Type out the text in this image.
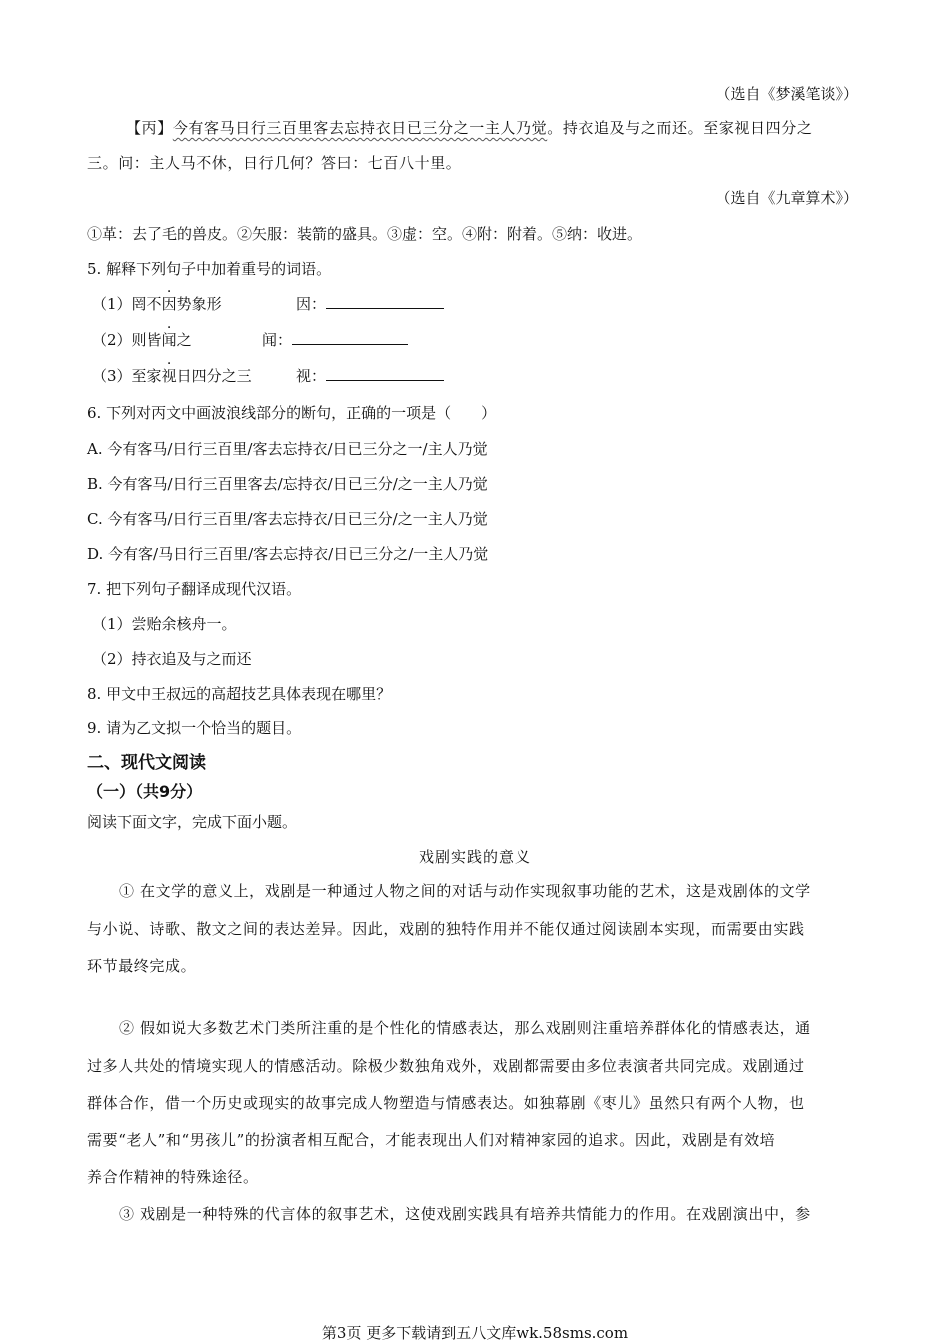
（选自《梦溪笔谈》）
【丙】今有客马日行三百里客去忘持衣日已三分之一主人乃觉。持衣追及与之而还。至家视日四分之
三。问：主人马不休，日行几何？答曰：七百八十里。
（选自《九章算术》）
①革：去了毛的兽皮。②矢服：装箭的盛具。③虚：空。④附：附着。⑤纳：收进。
5. 解释下列句子中加着重号的词语。
（1）罔不因势象形	因：
（2）则皆闻之	闻：
（3）至家视日四分之三	视：
6. 下列对丙文中画波浪线部分的断句，正确的一项是（　　）
A. 今有客马/日行三百里/客去忘持衣/日已三分之一/主人乃觉
B. 今有客马/日行三百里客去/忘持衣/日已三分/之一主人乃觉
C. 今有客马/日行三百里/客去忘持衣/日已三分/之一主人乃觉
D. 今有客/马日行三百里/客去忘持衣/日已三分之/一主人乃觉
7. 把下列句子翻译成现代汉语。
（1）尝贻余核舟一。
（2）持衣追及与之而还
8. 甲文中王叔远的高超技艺具体表现在哪里？
9. 请为乙文拟一个恰当的题目。
二、现代文阅读
（一）（共9分）
阅读下面文字，完成下面小题。
戏剧实践的意义
① 在文学的意义上，戏剧是一种通过人物之间的对话与动作实现叙事功能的艺术，这是戏剧体的文学
与小说、诗歌、散文之间的表达差异。因此，戏剧的独特作用并不能仅通过阅读剧本实现，而需要由实践
环节最终完成。
② 假如说大多数艺术门类所注重的是个性化的情感表达，那么戏剧则注重培养群体化的情感表达，通
过多人共处的情境实现人的情感活动。除极少数独角戏外，戏剧都需要由多位表演者共同完成。戏剧通过
群体合作，借一个历史或现实的故事完成人物塑造与情感表达。如独幕剧《枣儿》虽然只有两个人物，也
需要“老人”和“男孩儿”的扮演者相互配合，才能表现出人们对精神家园的追求。因此，戏剧是有效培
养合作精神的特殊途径。
③ 戏剧是一种特殊的代言体的叙事艺术，这使戏剧实践具有培养共情能力的作用。在戏剧演出中，参
第3页 更多下载请到五八文库wk.58sms.com
